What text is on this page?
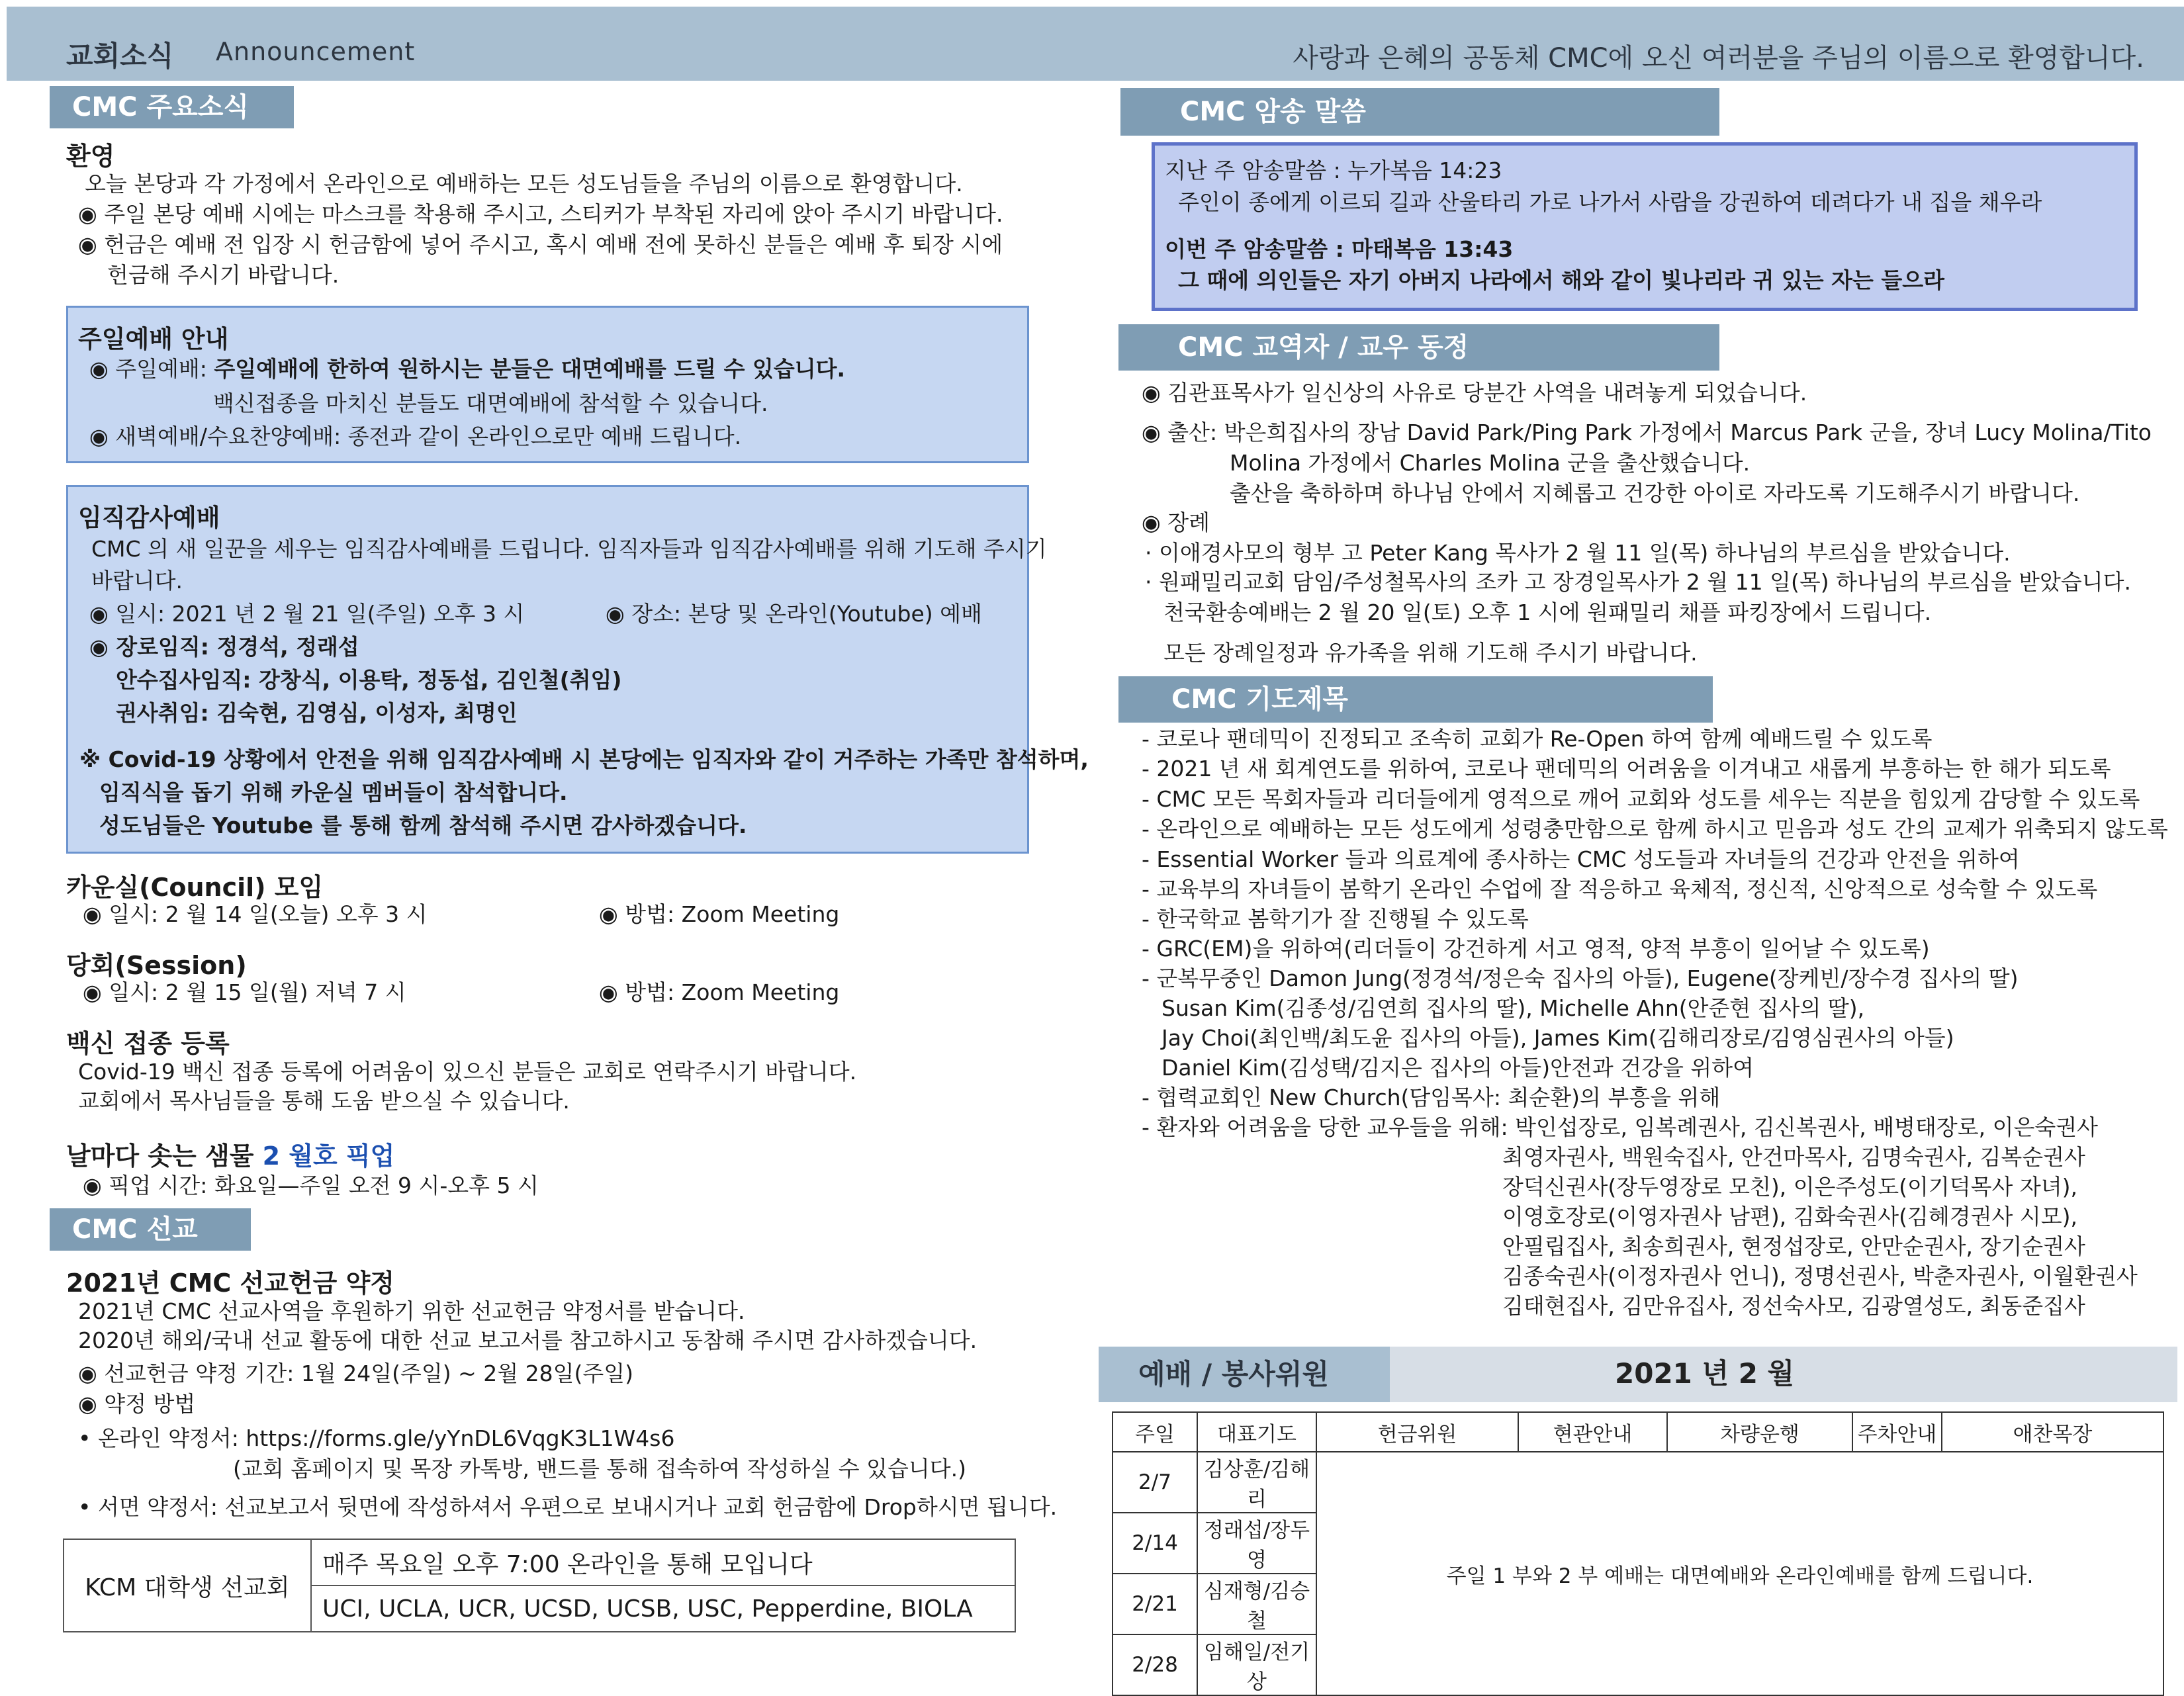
교회소식 Announcement	사랑과 은혜의 공동체 CMC에 오신 여러분을 주님의 이름으로 환영합니다.
CMC 주요소식
환영
오늘 본당과 각 가정에서 온라인으로 예배하는 모든 성도님들을 주님의 이름으로 환영합니다.
◉ 주일 본당 예배 시에는 마스크를 착용해 주시고, 스티커가 부착된 자리에 앉아 주시기 바랍니다.
◉ 헌금은 예배 전 입장 시 헌금함에 넣어 주시고, 혹시 예배 전에 못하신 분들은 예배 후 퇴장 시에
헌금해 주시기 바랍니다.
주일예배 안내
◉ 주일예배: 주일예배에 한하여 원하시는 분들은 대면예배를 드릴 수 있습니다.
백신접종을 마치신 분들도 대면예배에 참석할 수 있습니다.
◉ 새벽예배/수요찬양예배: 종전과 같이 온라인으로만 예배 드립니다.
임직감사예배
CMC 의 새 일꾼을 세우는 임직감사예배를 드립니다. 임직자들과 임직감사예배를 위해 기도해 주시기
바랍니다.
◉ 일시: 2021 년 2 월 21 일(주일) 오후 3 시	◉ 장소: 본당 및 온라인(Youtube) 예배
◉ 장로임직: 정경석, 정래섭
안수집사임직: 강창식, 이용탁, 정동섭, 김인철(취임)
권사취임: 김숙현, 김영심, 이성자, 최명인
※ Covid-19 상황에서 안전을 위해 임직감사예배 시 본당에는 임직자와 같이 거주하는 가족만 참석하며,
임직식을 돕기 위해 카운실 멤버들이 참석합니다.
성도님들은 Youtube 를 통해 함께 참석해 주시면 감사하겠습니다.
카운실(Council) 모임
◉ 일시: 2 월 14 일(오늘) 오후 3 시	◉ 방법: Zoom Meeting
당회(Session)
◉ 일시: 2 월 15 일(월) 저녁 7 시	◉ 방법: Zoom Meeting
백신 접종 등록
Covid-19 백신 접종 등록에 어려움이 있으신 분들은 교회로 연락주시기 바랍니다.
교회에서 목사님들을 통해 도움 받으실 수 있습니다.
날마다 솟는 샘물 2 월호 픽업
◉ 픽업 시간: 화요일—주일 오전 9 시-오후 5 시
CMC 선교
2021년 CMC 선교헌금 약정
2021년 CMC 선교사역을 후원하기 위한 선교헌금 약정서를 받습니다.
2020년 해외/국내 선교 활동에 대한 선교 보고서를 참고하시고 동참해 주시면 감사하겠습니다.
◉ 선교헌금 약정 기간: 1월 24일(주일) ~ 2월 28일(주일)
◉ 약정 방법
• 온라인 약정서: https://forms.gle/yYnDL6VqgK3L1W4s6
(교회 홈페이지 및 목장 카톡방, 밴드를 통해 접속하여 작성하실 수 있습니다.)
• 서면 약정서: 선교보고서 뒷면에 작성하셔서 우편으로 보내시거나 교회 헌금함에 Drop하시면 됩니다.
KCM 대학생 선교회	매주 목요일 오후 7:00 온라인을 통해 모입니다
UCI, UCLA, UCR, UCSD, UCSB, USC, Pepperdine, BIOLA
CMC 암송 말씀
지난 주 암송말씀 : 누가복음 14:23
주인이 종에게 이르되 길과 산울타리 가로 나가서 사람을 강권하여 데려다가 내 집을 채우라
이번 주 암송말씀 : 마태복음 13:43
그 때에 의인들은 자기 아버지 나라에서 해와 같이 빛나리라 귀 있는 자는 들으라
CMC 교역자 / 교우 동정
◉ 김관표목사가 일신상의 사유로 당분간 사역을 내려놓게 되었습니다.
◉ 출산: 박은희집사의 장남 David Park/Ping Park 가정에서 Marcus Park 군을, 장녀 Lucy Molina/Tito
Molina 가정에서 Charles Molina 군을 출산했습니다.
출산을 축하하며 하나님 안에서 지혜롭고 건강한 아이로 자라도록 기도해주시기 바랍니다.
◉ 장례
· 이애경사모의 형부 고 Peter Kang 목사가 2 월 11 일(목) 하나님의 부르심을 받았습니다.
· 원패밀리교회 담임/주성철목사의 조카 고 장경일목사가 2 월 11 일(목) 하나님의 부르심을 받았습니다.
천국환송예배는 2 월 20 일(토) 오후 1 시에 원패밀리 채플 파킹장에서 드립니다.
모든 장례일정과 유가족을 위해 기도해 주시기 바랍니다.
CMC 기도제목
- 코로나 팬데믹이 진정되고 조속히 교회가 Re-Open 하여 함께 예배드릴 수 있도록
- 2021 년 새 회계연도를 위하여, 코로나 팬데믹의 어려움을 이겨내고 새롭게 부흥하는 한 해가 되도록
- CMC 모든 목회자들과 리더들에게 영적으로 깨어 교회와 성도를 세우는 직분을 힘있게 감당할 수 있도록
- 온라인으로 예배하는 모든 성도에게 성령충만함으로 함께 하시고 믿음과 성도 간의 교제가 위축되지 않도록
- Essential Worker 들과 의료계에 종사하는 CMC 성도들과 자녀들의 건강과 안전을 위하여
- 교육부의 자녀들이 봄학기 온라인 수업에 잘 적응하고 육체적, 정신적, 신앙적으로 성숙할 수 있도록
- 한국학교 봄학기가 잘 진행될 수 있도록
- GRC(EM)을 위하여(리더들이 강건하게 서고 영적, 양적 부흥이 일어날 수 있도록)
- 군복무중인 Damon Jung(정경석/정은숙 집사의 아들), Eugene(장케빈/장수경 집사의 딸)
Susan Kim(김종성/김연희 집사의 딸), Michelle Ahn(안준현 집사의 딸),
Jay Choi(최인백/최도윤 집사의 아들), James Kim(김해리장로/김영심권사의 아들)
Daniel Kim(김성택/김지은 집사의 아들)안전과 건강을 위하여
- 협력교회인 New Church(담임목사: 최순환)의 부흥을 위해
- 환자와 어려움을 당한 교우들을 위해: 박인섭장로, 임복례권사, 김신복권사, 배병태장로, 이은숙권사
최영자권사, 백원숙집사, 안건마목사, 김명숙권사, 김복순권사
장덕신권사(장두영장로 모친), 이은주성도(이기덕목사 자녀),
이영호장로(이영자권사 남편), 김화숙권사(김혜경권사 시모),
안필립집사, 최송희권사, 현정섭장로, 안만순권사, 장기순권사
김종숙권사(이정자권사 언니), 정명선권사, 박춘자권사, 이월환권사
김태현집사, 김만유집사, 정선숙사모, 김광열성도, 최동준집사
예배 / 봉사위원	2021 년 2 월
주일	대표기도	헌금위원	현관안내	차량운행	주차안내	애찬목장
2/7	김상훈/김해리	주일 1 부와 2 부 예배는 대면예배와 온라인예배를 함께 드립니다.				
2/14	정래섭/장두영					
2/21	심재형/김승철					
2/28	임해일/전기상					
